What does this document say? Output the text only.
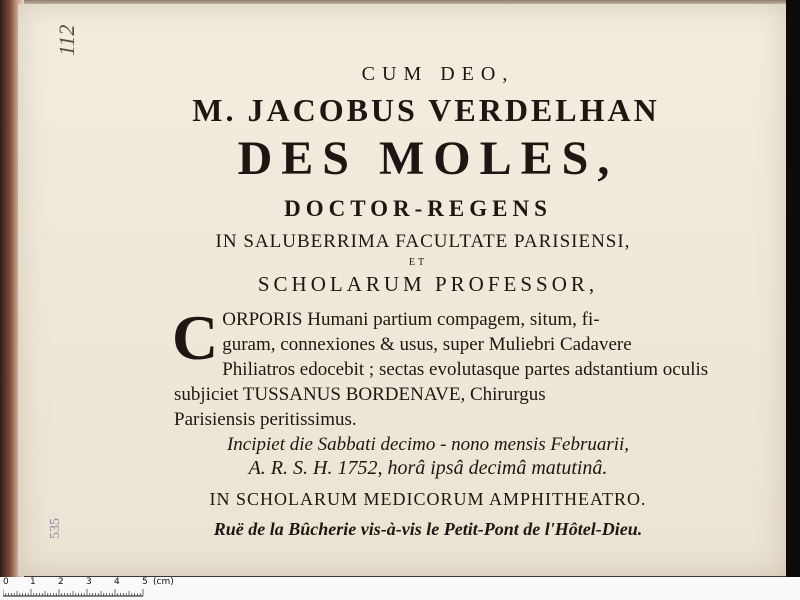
112
535
CUM DEO,
M. JACOBUS VERDELHAN
DES MOLES,
DOCTOR-REGENS
IN SALUBERRIMA FACULTATE PARISIENSI,
ET
SCHOLARUM PROFESSOR,
C ORPORIS Humani partium compagem, situm, fi-
guram, connexiones & usus, super Muliebri Cadavere
Philiatros edocebit ; sectas evolutasque partes adstantium oculis
subjiciet TUSSANUS BORDENAVE, Chirurgus
Parisiensis peritissimus.
Incipiet die Sabbati decimo - nono mensis Februarii,
A. R. S. H. 1752, horâ ipsâ decimâ matutinâ.
IN SCHOLARUM MEDICORUM AMPHITHEATRO.
Ruë de la Bûcherie vis-à-vis le Petit-Pont de l'Hôtel-Dieu.
0 1 2 3 4 5 (cm)
